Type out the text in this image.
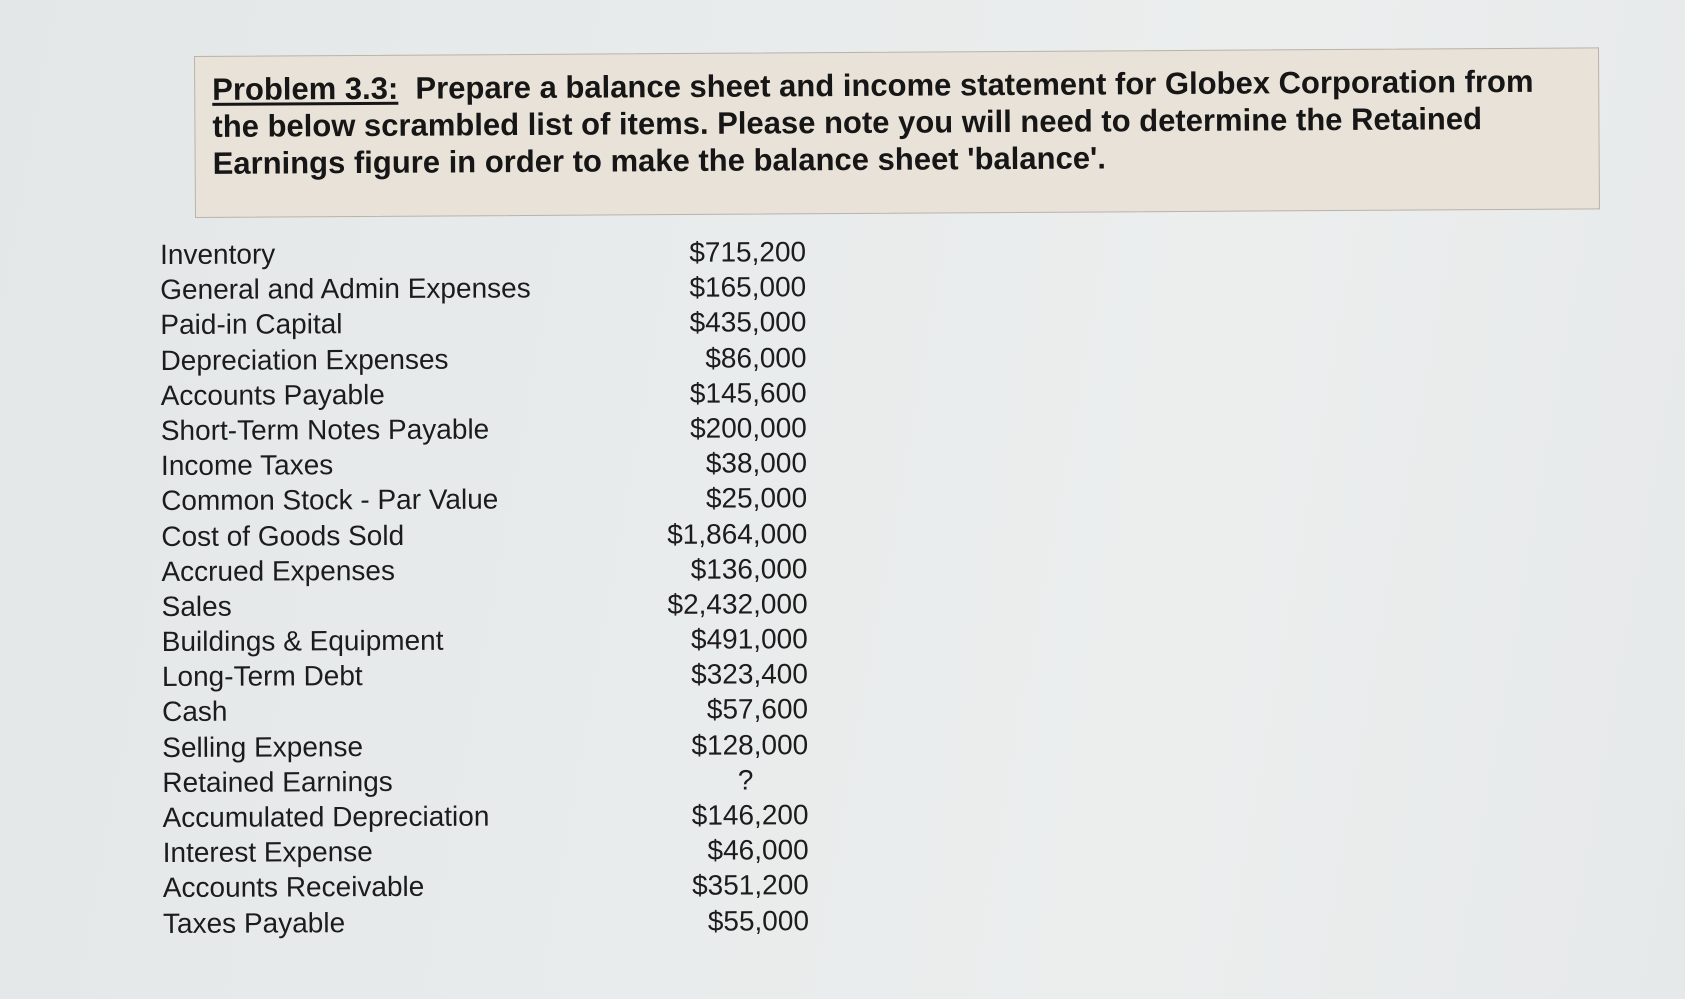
Problem 3.3: Prepare a balance sheet and income statement for Globex Corporation from the below scrambled list of items. Please note you will need to determine the Retained Earnings figure in order to make the balance sheet 'balance'.

Inventory	$715,200
General and Admin Expenses	$165,000
Paid-in Capital	$435,000
Depreciation Expenses	$86,000
Accounts Payable	$145,600
Short-Term Notes Payable	$200,000
Income Taxes	$38,000
Common Stock - Par Value	$25,000
Cost of Goods Sold	$1,864,000
Accrued Expenses	$136,000
Sales	$2,432,000
Buildings & Equipment	$491,000
Long-Term Debt	$323,400
Cash	$57,600
Selling Expense	$128,000
Retained Earnings	?
Accumulated Depreciation	$146,200
Interest Expense	$46,000
Accounts Receivable	$351,200
Taxes Payable	$55,000
